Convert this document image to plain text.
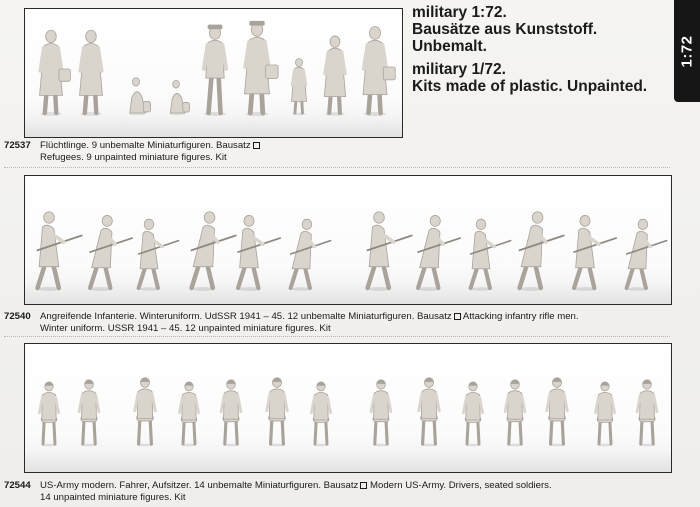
military 1:72.
Bausätze aus Kunststoff. Unbemalt.
military 1/72.
Kits made of plastic. Unpainted.
1:72
72537 Flüchtlinge. 9 unbemalte Miniaturfiguren. Bausatz
Refugees. 9 unpainted miniature figures. Kit
72540 Angreifende Infanterie. Winteruniform. UdSSR 1941 – 45. 12 unbemalte Miniaturfiguren. Bausatz Attacking infantry rifle men.
Winter uniform. USSR 1941 – 45. 12 unpainted miniature figures. Kit
72544 US-Army modern. Fahrer, Aufsitzer. 14 unbemalte Miniaturfiguren. Bausatz Modern US-Army. Drivers, seated soldiers.
14 unpainted miniature figures. Kit
